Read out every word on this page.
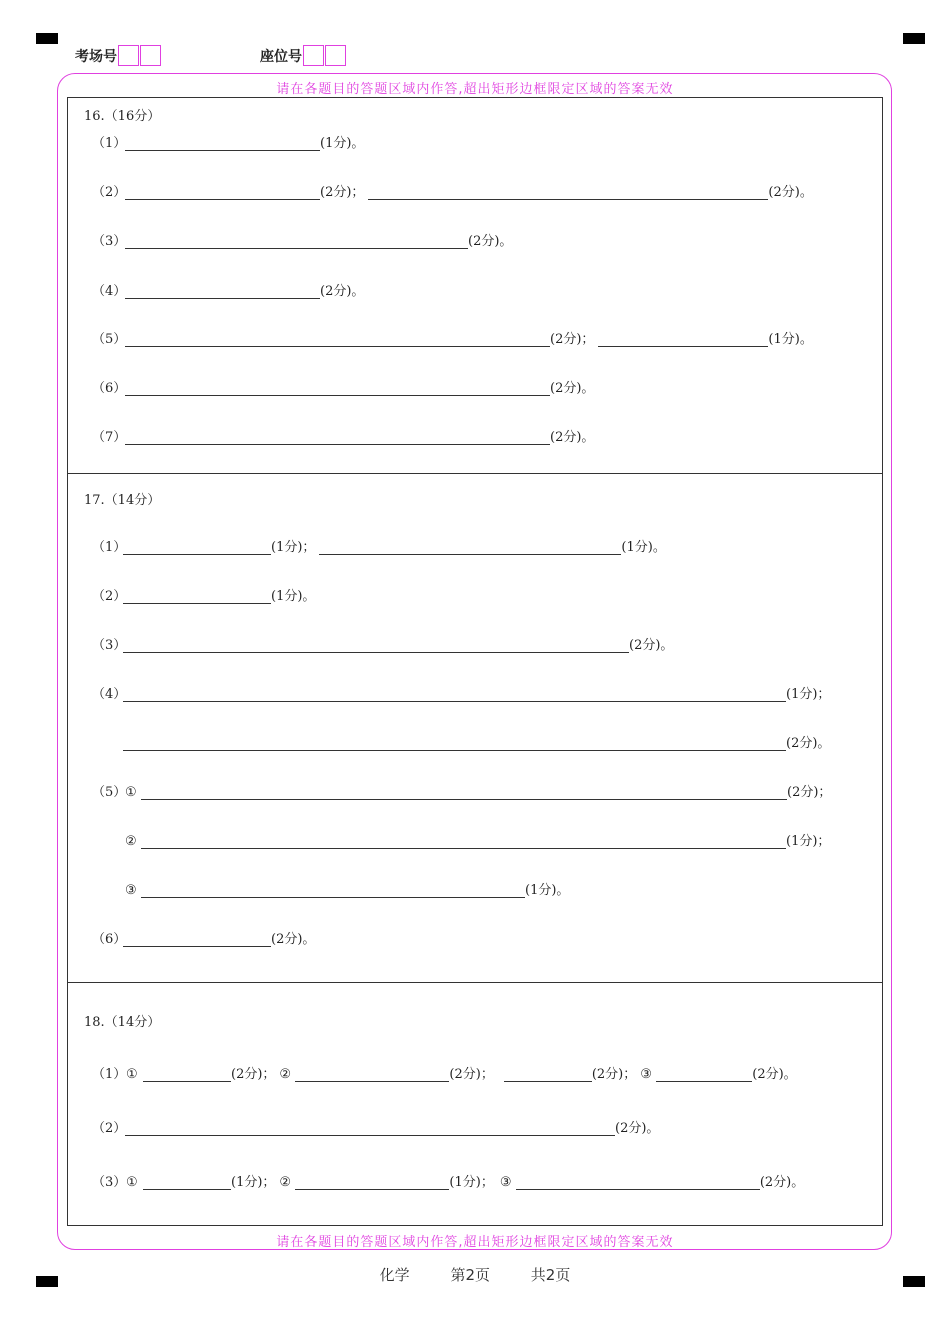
考场号	座位号
请在各题目的答题区域内作答,超出矩形边框限定区域的答案无效
请在各题目的答题区域内作答,超出矩形边框限定区域的答案无效
16.（16分）
（1）	(1分)。
（2）	(2分)；	(2分)。
（3）	(2分)。
（4）	(2分)。
（5）	(2分)；	(1分)。
（6）	(2分)。
（7）	(2分)。
17.（14分）
（1）	(1分)；	(1分)。
（2）	(1分)。
（3）	(2分)。
（4）	(1分)；
(2分)。
（5）
①	(2分)；
②	(1分)；
③	(1分)。
（6）	(2分)。
18.（14分）
（1） ①	(2分)； ②	(2分)；	(2分)； ③	(2分)。
（2）	(2分)。
（3） ①	(1分)； ②	(1分)； ③	(2分)。
化学	第2页	共2页
